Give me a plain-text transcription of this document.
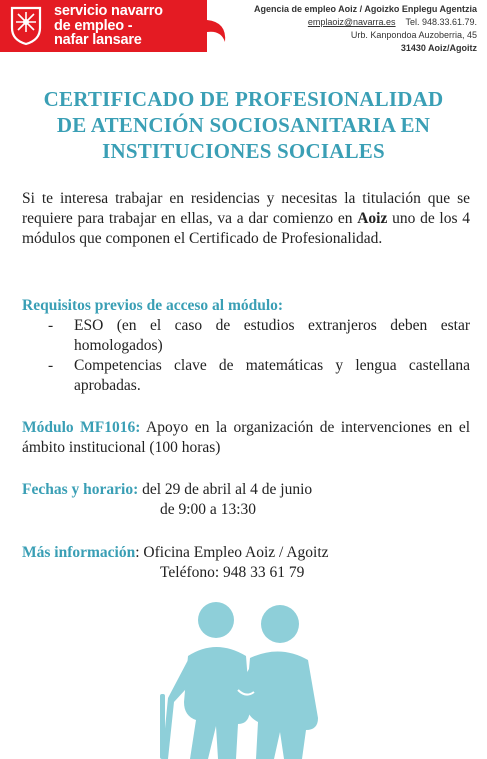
servicio navarro
de empleo -
nafar lansare
Agencia de empleo Aoiz / Agoizko Enplegu Agentzia
emplaoiz@navarra.es Tel. 948.33.61.79.
Urb. Kanpondoa Auzoberria, 45
31430 Aoiz/Agoitz
CERTIFICADO DE PROFESIONALIDAD
DE ATENCIÓN SOCIOSANITARIA EN
INSTITUCIONES SOCIALES
Si te interesa trabajar en residencias y necesitas la titulación que se requiere para trabajar en ellas, va a dar comienzo en Aoiz uno de los 4 módulos que componen el Certificado de Profesionalidad.
Requisitos previos de acceso al módulo:
- ESO (en el caso de estudios extranjeros deben estar homologados)
- Competencias clave de matemáticas y lengua castellana aprobadas.
Módulo MF1016: Apoyo en la organización de intervenciones en el ámbito institucional (100 horas)
Fechas y horario: del 29 de abril al 4 de junio
de 9:00 a 13:30
Más información: Oficina Empleo Aoiz / Agoitz
Teléfono: 948 33 61 79
